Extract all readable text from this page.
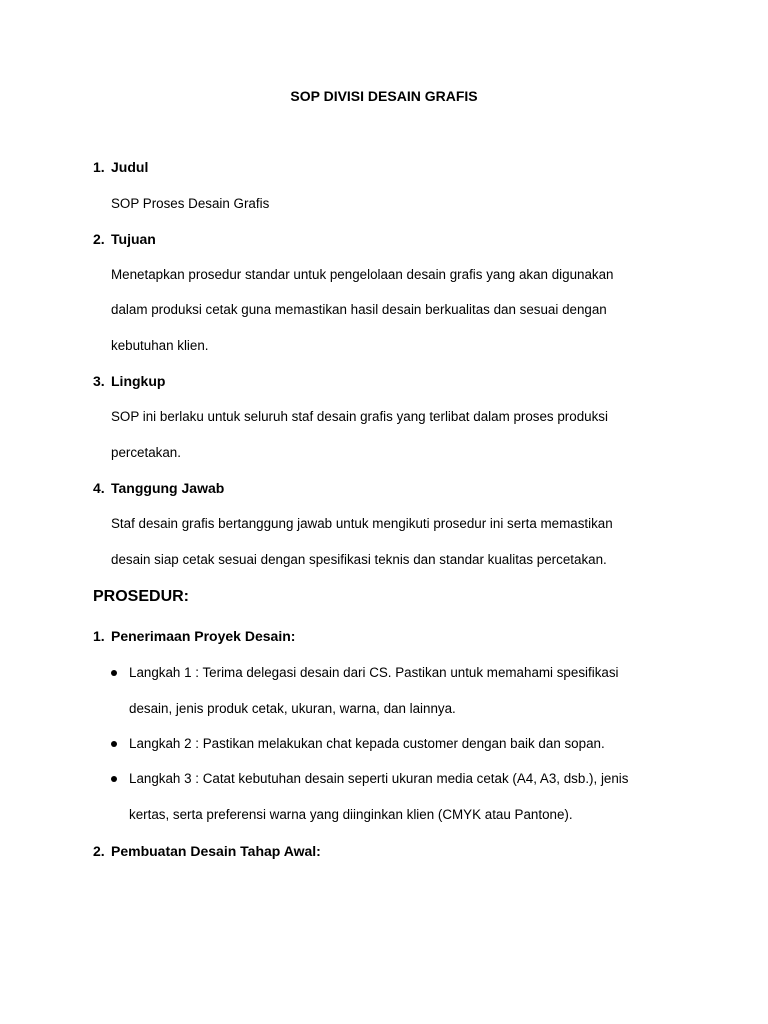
SOP DIVISI DESAIN GRAFIS
1. Judul
SOP Proses Desain Grafis
2. Tujuan
Menetapkan prosedur standar untuk pengelolaan desain grafis yang akan digunakan
dalam produksi cetak guna memastikan hasil desain berkualitas dan sesuai dengan
kebutuhan klien.
3. Lingkup
SOP ini berlaku untuk seluruh staf desain grafis yang terlibat dalam proses produksi
percetakan.
4. Tanggung Jawab
Staf desain grafis bertanggung jawab untuk mengikuti prosedur ini serta memastikan
desain siap cetak sesuai dengan spesifikasi teknis dan standar kualitas percetakan.
PROSEDUR:
1. Penerimaan Proyek Desain:
Langkah 1 : Terima delegasi desain dari CS. Pastikan untuk memahami spesifikasi
desain, jenis produk cetak, ukuran, warna, dan lainnya.
Langkah 2 : Pastikan melakukan chat kepada customer dengan baik dan sopan.
Langkah 3 : Catat kebutuhan desain seperti ukuran media cetak (A4, A3, dsb.), jenis
kertas, serta preferensi warna yang diinginkan klien (CMYK atau Pantone).
2. Pembuatan Desain Tahap Awal:
